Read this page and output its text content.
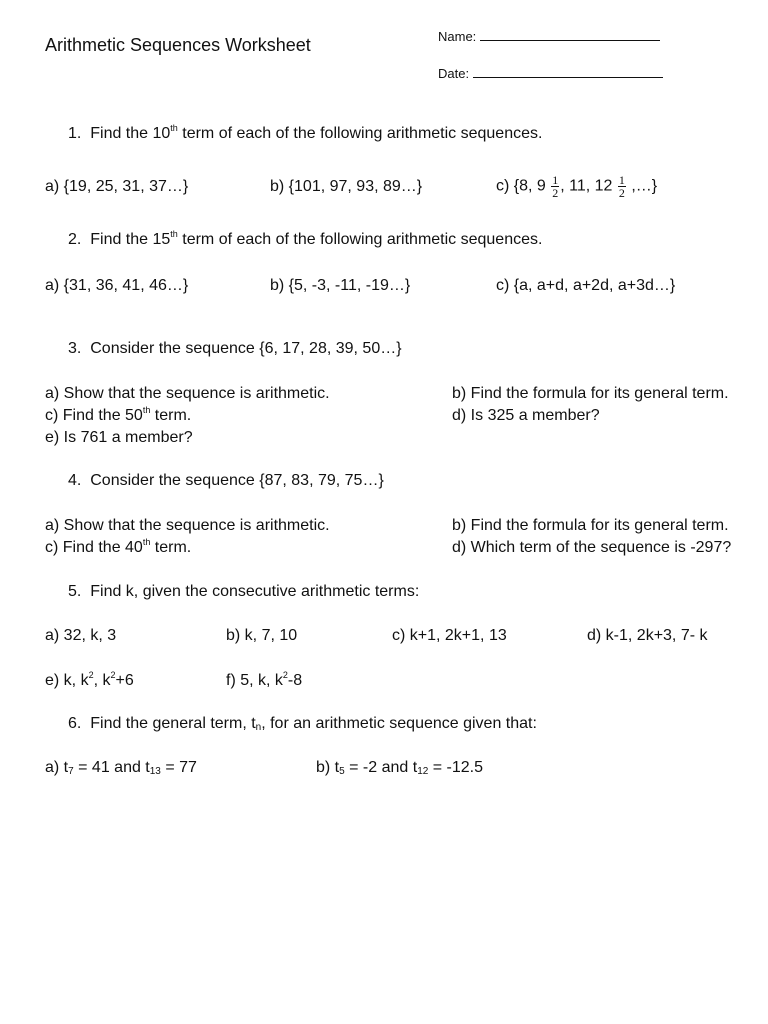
Arithmetic Sequences Worksheet	Name:
Date:
1. Find the 10th term of each of the following arithmetic sequences.
a) {19, 25, 31, 37…}	b) {101, 97, 93, 89…}	c) {8, $9 \frac{1}{2}$ , 11, $12 \frac{1}{2}$ ,…}
2. Find the 15th term of each of the following arithmetic sequences.
a) {31, 36, 41, 46…}	b) {5, -3, -11, -19…}	c) {a, a+d, a+2d, a+3d…}
3. Consider the sequence {6, 17, 28, 39, 50…}
a) Show that the sequence is arithmetic.	b) Find the formula for its general term.
c) Find the 50th term.	d) Is 325 a member?
e) Is 761 a member?
4. Consider the sequence {87, 83, 79, 75…}
a) Show that the sequence is arithmetic.	b) Find the formula for its general term.
c) Find the 40th term.	d) Which term of the sequence is -297?
5. Find k, given the consecutive arithmetic terms:
a) 32, k, 3	b) k, 7, 10	c) k+1, 2k+1, 13	d) k-1, 2k+3, 7- k
e) k, $k^2$, $k^2+6$	f) 5, k, $k^2-8$
6. Find the general term, $t_n$, for an arithmetic sequence given that:
a) $t_7 = 41$ and $t_{13} = 77$	b) $t_5 = -2$ and $t_{12} = -12.5$
